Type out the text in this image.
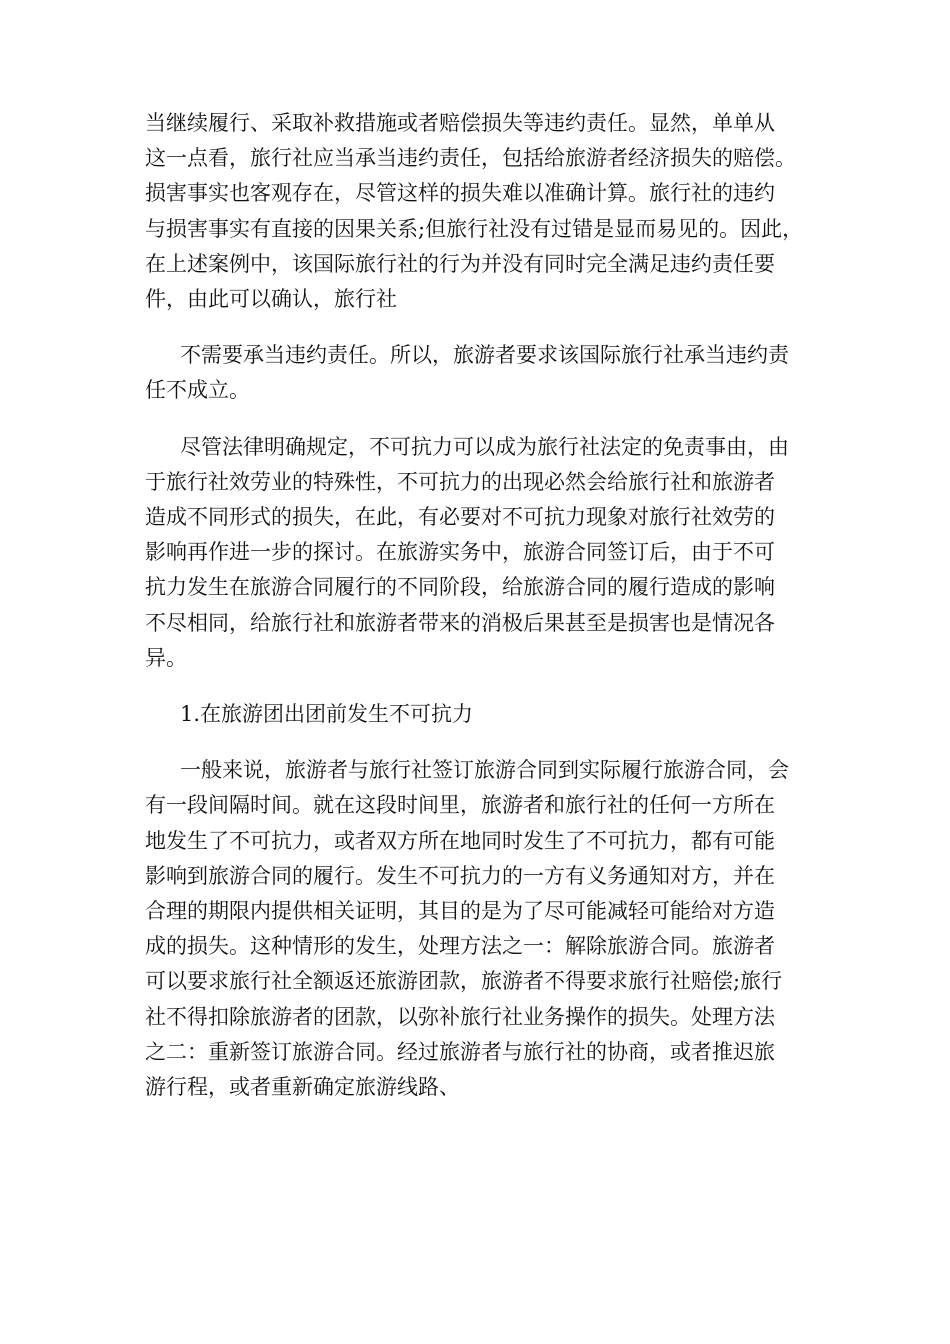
当继续履行、采取补救措施或者赔偿损失等违约责任。显然，单单从
这一点看，旅行社应当承当违约责任，包括给旅游者经济损失的赔偿。
损害事实也客观存在，尽管这样的损失难以准确计算。旅行社的违约
与损害事实有直接的因果关系;但旅行社没有过错是显而易见的。因此，
在上述案例中，该国际旅行社的行为并没有同时完全满足违约责任要
件，由此可以确认，旅行社

不需要承当违约责任。所以，旅游者要求该国际旅行社承当违约责
任不成立。

尽管法律明确规定，不可抗力可以成为旅行社法定的免责事由，由
于旅行社效劳业的特殊性，不可抗力的出现必然会给旅行社和旅游者
造成不同形式的损失，在此，有必要对不可抗力现象对旅行社效劳的
影响再作进一步的探讨。在旅游实务中，旅游合同签订后，由于不可
抗力发生在旅游合同履行的不同阶段，给旅游合同的履行造成的影响
不尽相同，给旅行社和旅游者带来的消极后果甚至是损害也是情况各
异。

1.在旅游团出团前发生不可抗力

一般来说，旅游者与旅行社签订旅游合同到实际履行旅游合同，会
有一段间隔时间。就在这段时间里，旅游者和旅行社的任何一方所在
地发生了不可抗力，或者双方所在地同时发生了不可抗力，都有可能
影响到旅游合同的履行。发生不可抗力的一方有义务通知对方，并在
合理的期限内提供相关证明，其目的是为了尽可能减轻可能给对方造
成的损失。这种情形的发生，处理方法之一：解除旅游合同。旅游者
可以要求旅行社全额返还旅游团款，旅游者不得要求旅行社赔偿;旅行
社不得扣除旅游者的团款，以弥补旅行社业务操作的损失。处理方法
之二：重新签订旅游合同。经过旅游者与旅行社的协商，或者推迟旅
游行程，或者重新确定旅游线路、
